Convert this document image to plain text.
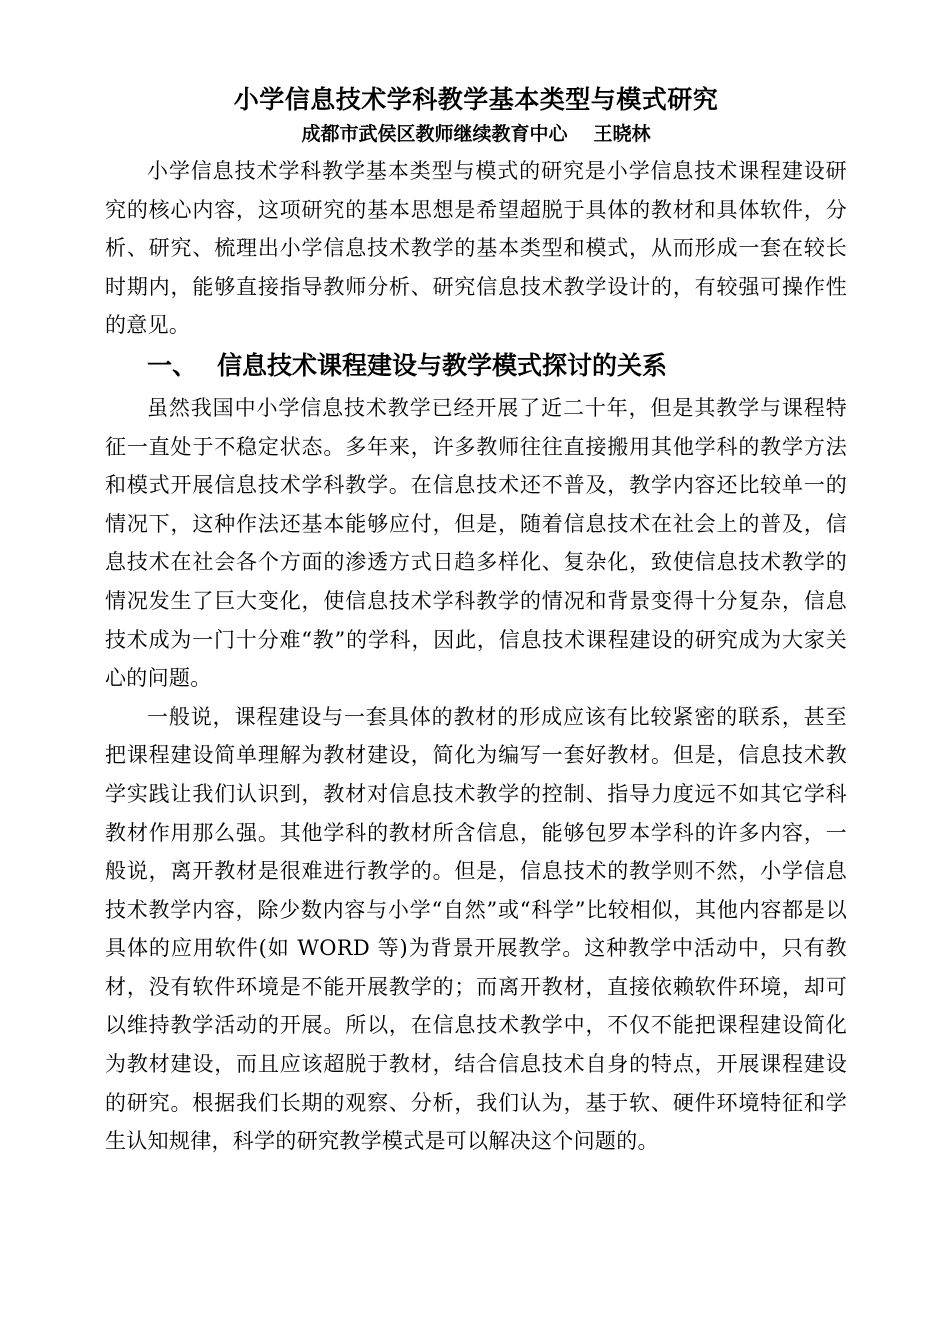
小学信息技术学科教学基本类型与模式研究
成都市武侯区教师继续教育中心 王晓林

小学信息技术学科教学基本类型与模式的研究是小学信息技术课程建设研究的核心内容，这项研究的基本思想是希望超脱于具体的教材和具体软件，分析、研究、梳理出小学信息技术教学的基本类型和模式，从而形成一套在较长时期内，能够直接指导教师分析、研究信息技术教学设计的，有较强可操作性的意见。

一、 信息技术课程建设与教学模式探讨的关系

虽然我国中小学信息技术教学已经开展了近二十年，但是其教学与课程特征一直处于不稳定状态。多年来，许多教师往往直接搬用其他学科的教学方法和模式开展信息技术学科教学。在信息技术还不普及，教学内容还比较单一的情况下，这种作法还基本能够应付，但是，随着信息技术在社会上的普及，信息技术在社会各个方面的渗透方式日趋多样化、复杂化，致使信息技术教学的情况发生了巨大变化，使信息技术学科教学的情况和背景变得十分复杂，信息技术成为一门十分难“教”的学科，因此，信息技术课程建设的研究成为大家关心的问题。

一般说，课程建设与一套具体的教材的形成应该有比较紧密的联系，甚至把课程建设简单理解为教材建设，简化为编写一套好教材。但是，信息技术教学实践让我们认识到，教材对信息技术教学的控制、指导力度远不如其它学科教材作用那么强。其他学科的教材所含信息，能够包罗本学科的许多内容，一般说，离开教材是很难进行教学的。但是，信息技术的教学则不然，小学信息技术教学内容，除少数内容与小学“自然”或“科学”比较相似，其他内容都是以具体的应用软件(如 WORD 等)为背景开展教学。这种教学中活动中，只有教材，没有软件环境是不能开展教学的；而离开教材，直接依赖软件环境，却可以维持教学活动的开展。所以，在信息技术教学中，不仅不能把课程建设简化为教材建设，而且应该超脱于教材，结合信息技术自身的特点，开展课程建设的研究。根据我们长期的观察、分析，我们认为，基于软、硬件环境特征和学生认知规律，科学的研究教学模式是可以解决这个问题的。
